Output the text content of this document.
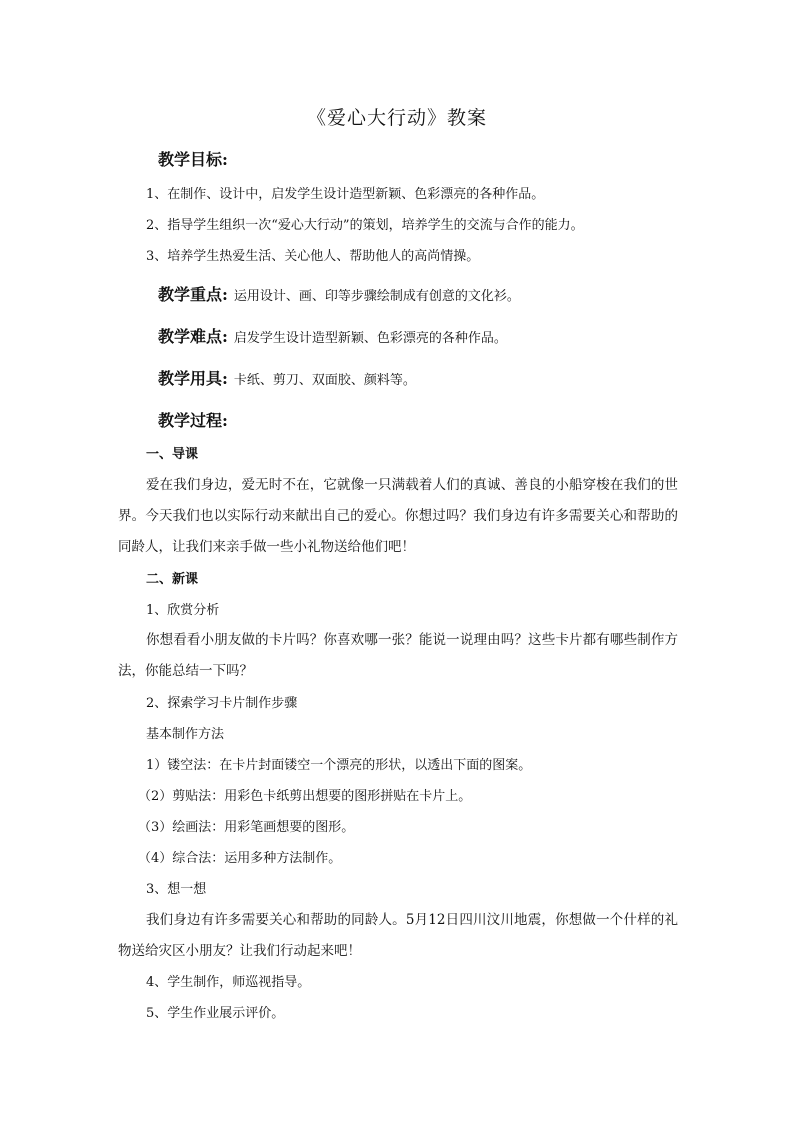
《爱心大行动》教案
教学目标:
1、在制作、设计中，启发学生设计造型新颖、色彩漂亮的各种作品。
2、指导学生组织一次“爱心大行动”的策划，培养学生的交流与合作的能力。
3、培养学生热爱生活、关心他人、帮助他人的高尚情操。
教学重点: 运用设计、画、印等步骤绘制成有创意的文化衫。
教学难点: 启发学生设计造型新颖、色彩漂亮的各种作品。
教学用具: 卡纸、剪刀、双面胶、颜料等。
教学过程:
一、导课
爱在我们身边，爱无时不在，它就像一只满载着人们的真诚、善良的小船穿梭在我们的世界。今天我们也以实际行动来献出自己的爱心。你想过吗？我们身边有许多需要关心和帮助的同龄人，让我们来亲手做一些小礼物送给他们吧！
二、新课
1、欣赏分析
你想看看小朋友做的卡片吗？你喜欢哪一张？能说一说理由吗？这些卡片都有哪些制作方法，你能总结一下吗？
2、探索学习卡片制作步骤
基本制作方法
1）镂空法：在卡片封面镂空一个漂亮的形状，以透出下面的图案。
（2）剪贴法：用彩色卡纸剪出想要的图形拼贴在卡片上。
（3）绘画法：用彩笔画想要的图形。
（4）综合法：运用多种方法制作。
3、想一想
我们身边有许多需要关心和帮助的同龄人。5月12日四川汶川地震，你想做一个什样的礼物送给灾区小朋友？让我们行动起来吧！
4、学生制作，师巡视指导。
5、学生作业展示评价。
